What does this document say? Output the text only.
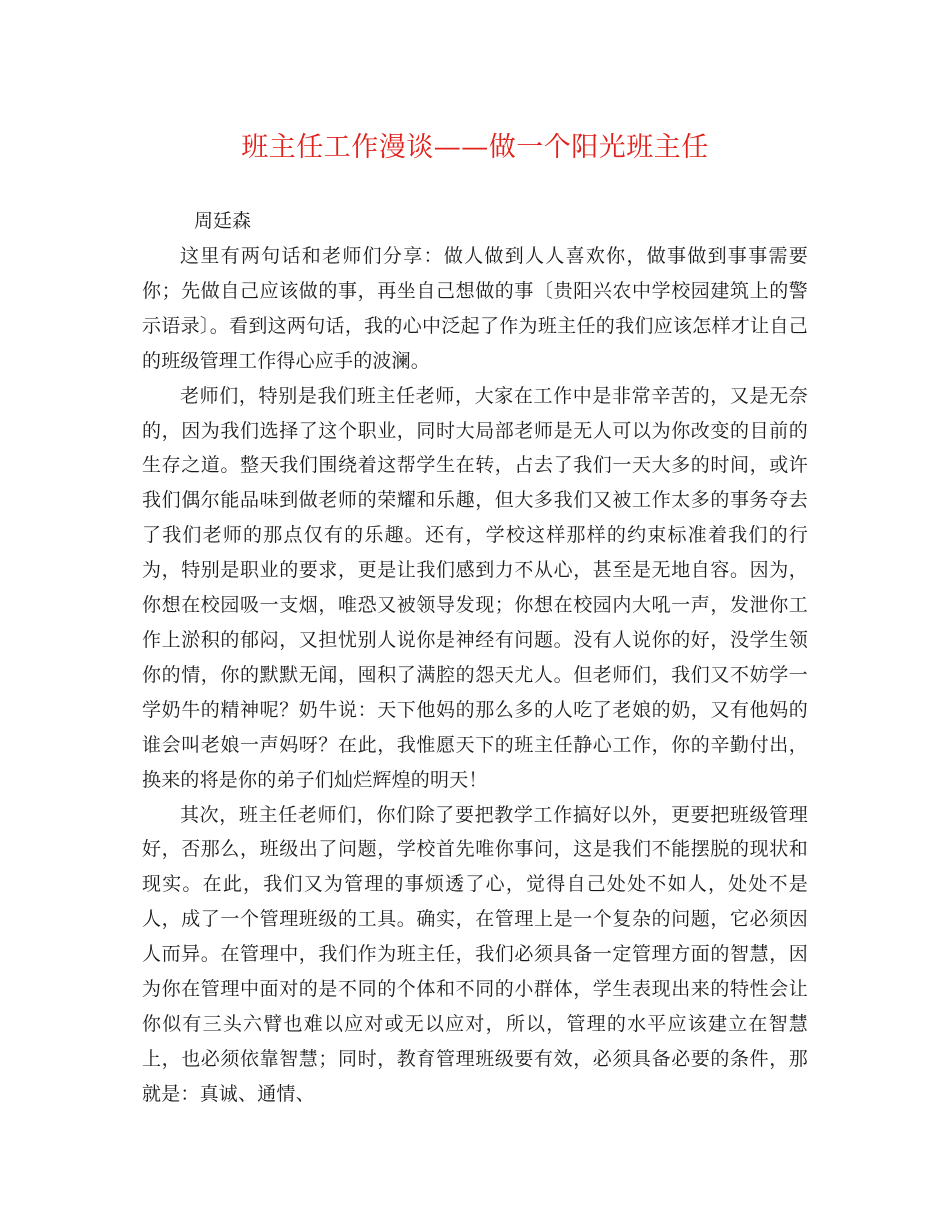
班主任工作漫谈——做一个阳光班主任
周廷森

这里有两句话和老师们分享：做人做到人人喜欢你，做事做到事事需要你；先做自己应该做的事，再坐自己想做的事〔贵阳兴农中学校园建筑上的警示语录〕。看到这两句话，我的心中泛起了作为班主任的我们应该怎样才让自己的班级管理工作得心应手的波澜。

老师们，特别是我们班主任老师，大家在工作中是非常辛苦的，又是无奈的，因为我们选择了这个职业，同时大局部老师是无人可以为你改变的目前的生存之道。整天我们围绕着这帮学生在转，占去了我们一天大多的时间，或许我们偶尔能品味到做老师的荣耀和乐趣，但大多我们又被工作太多的事务夺去了我们老师的那点仅有的乐趣。还有，学校这样那样的约束标准着我们的行为，特别是职业的要求，更是让我们感到力不从心，甚至是无地自容。因为，你想在校园吸一支烟，唯恐又被领导发现；你想在校园内大吼一声，发泄你工作上淤积的郁闷，又担忧别人说你是神经有问题。没有人说你的好，没学生领你的情，你的默默无闻，囤积了满腔的怨天尤人。但老师们，我们又不妨学一学奶牛的精神呢？奶牛说：天下他妈的那么多的人吃了老娘的奶，又有他妈的谁会叫老娘一声妈呀？在此，我惟愿天下的班主任静心工作，你的辛勤付出，换来的将是你的弟子们灿烂辉煌的明天！

其次，班主任老师们，你们除了要把教学工作搞好以外，更要把班级管理好，否那么，班级出了问题，学校首先唯你事问，这是我们不能摆脱的现状和现实。在此，我们又为管理的事烦透了心，觉得自己处处不如人，处处不是人，成了一个管理班级的工具。确实，在管理上是一个复杂的问题，它必须因人而异。在管理中，我们作为班主任，我们必须具备一定管理方面的智慧，因为你在管理中面对的是不同的个体和不同的小群体，学生表现出来的特性会让你似有三头六臂也难以应对或无以应对，所以，管理的水平应该建立在智慧上，也必须依靠智慧；同时，教育管理班级要有效，必须具备必要的条件，那就是：真诚、通情、
